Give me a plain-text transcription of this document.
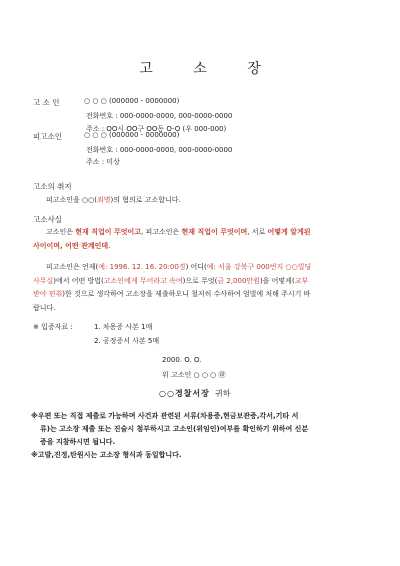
고 소 장
고 소 인	○ ○ ○ (000000 - 0000000)
전화번호 : 000-0000-0000, 000-0000-0000
주소 : OO시 OO구 OO동 O-O (우 000-000)
피고소인	○ ○ ○ (000000 - 0000000)
전화번호 : 000-0000-0000, 000-0000-0000
주소 : 미상
고소의 취지
피고소인을 ○○(죄명)의 혐의로 고소합니다.
고소사실
고소인은 현재 직업이 무엇이고, 피고소인은 현재 직업이 무엇이며, 서로 어떻게 알게된
사이이며, 어떤 관계인데.
피고소인은 언제(예: 1996. 12. 16. 20:00경) 어디(예: 서울 강북구 000번지 ○○빌딩
사무실)에서 어떤 방법(고소인에게 무어라고 속여)으로 무엇(금 2,000만원)을 어떻게(교부
받아 편취)한 것으로 생각하여 고소장을 제출하오니 철저히 수사하여 엄벌에 처해 주시기 바
랍니다.
※ 입증자료 :	1. 차용증 사본 1매
2. 공정증서 사본 5매
2000. O. O.
위 고소인 ○ ○ ○ ㊞
○○경찰서장 귀하
※우편 또는 직접 제출로 가능하며 사건과 관련된 서류(차용증,현금보관증,각서,기타 서
류)는 고소장 제출 또는 진술시 첨부하시고 고소인(위임인)여부를 확인하기 위하여 신분
증을 지참하시면 됩니다.
※고발,진정,탄원시는 고소장 형식과 동일합니다.
